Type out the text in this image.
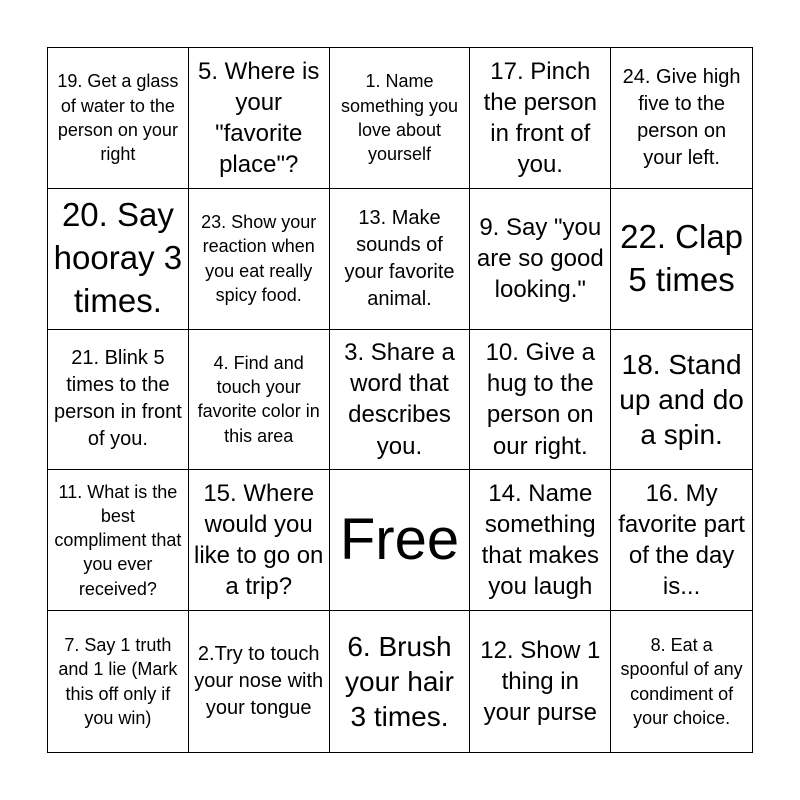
19. Get a glass of water to the person on your right
5. Where is your "favorite place"?
1. Name something you love about yourself
17. Pinch the person in front of you.
24. Give high five to the person on your left.
20. Say hooray 3 times.
23. Show your reaction when you eat really spicy food.
13. Make sounds of your favorite animal.
9. Say "you are so good looking."
22. Clap 5 times
21. Blink 5 times to the person in front of you.
4. Find and touch your favorite color in this area
3. Share a word that describes you.
10. Give a hug to the person on our right.
18. Stand up and do a spin.
11. What is the best compliment that you ever received?
15. Where would you like to go on a trip?
Free
14. Name something that makes you laugh
16. My favorite part of the day is...
7. Say 1 truth and 1 lie (Mark this off only if you win)
2.Try to touch your nose with your tongue
6. Brush your hair 3 times.
12. Show 1 thing in your purse
8. Eat a spoonful of any condiment of your choice.
